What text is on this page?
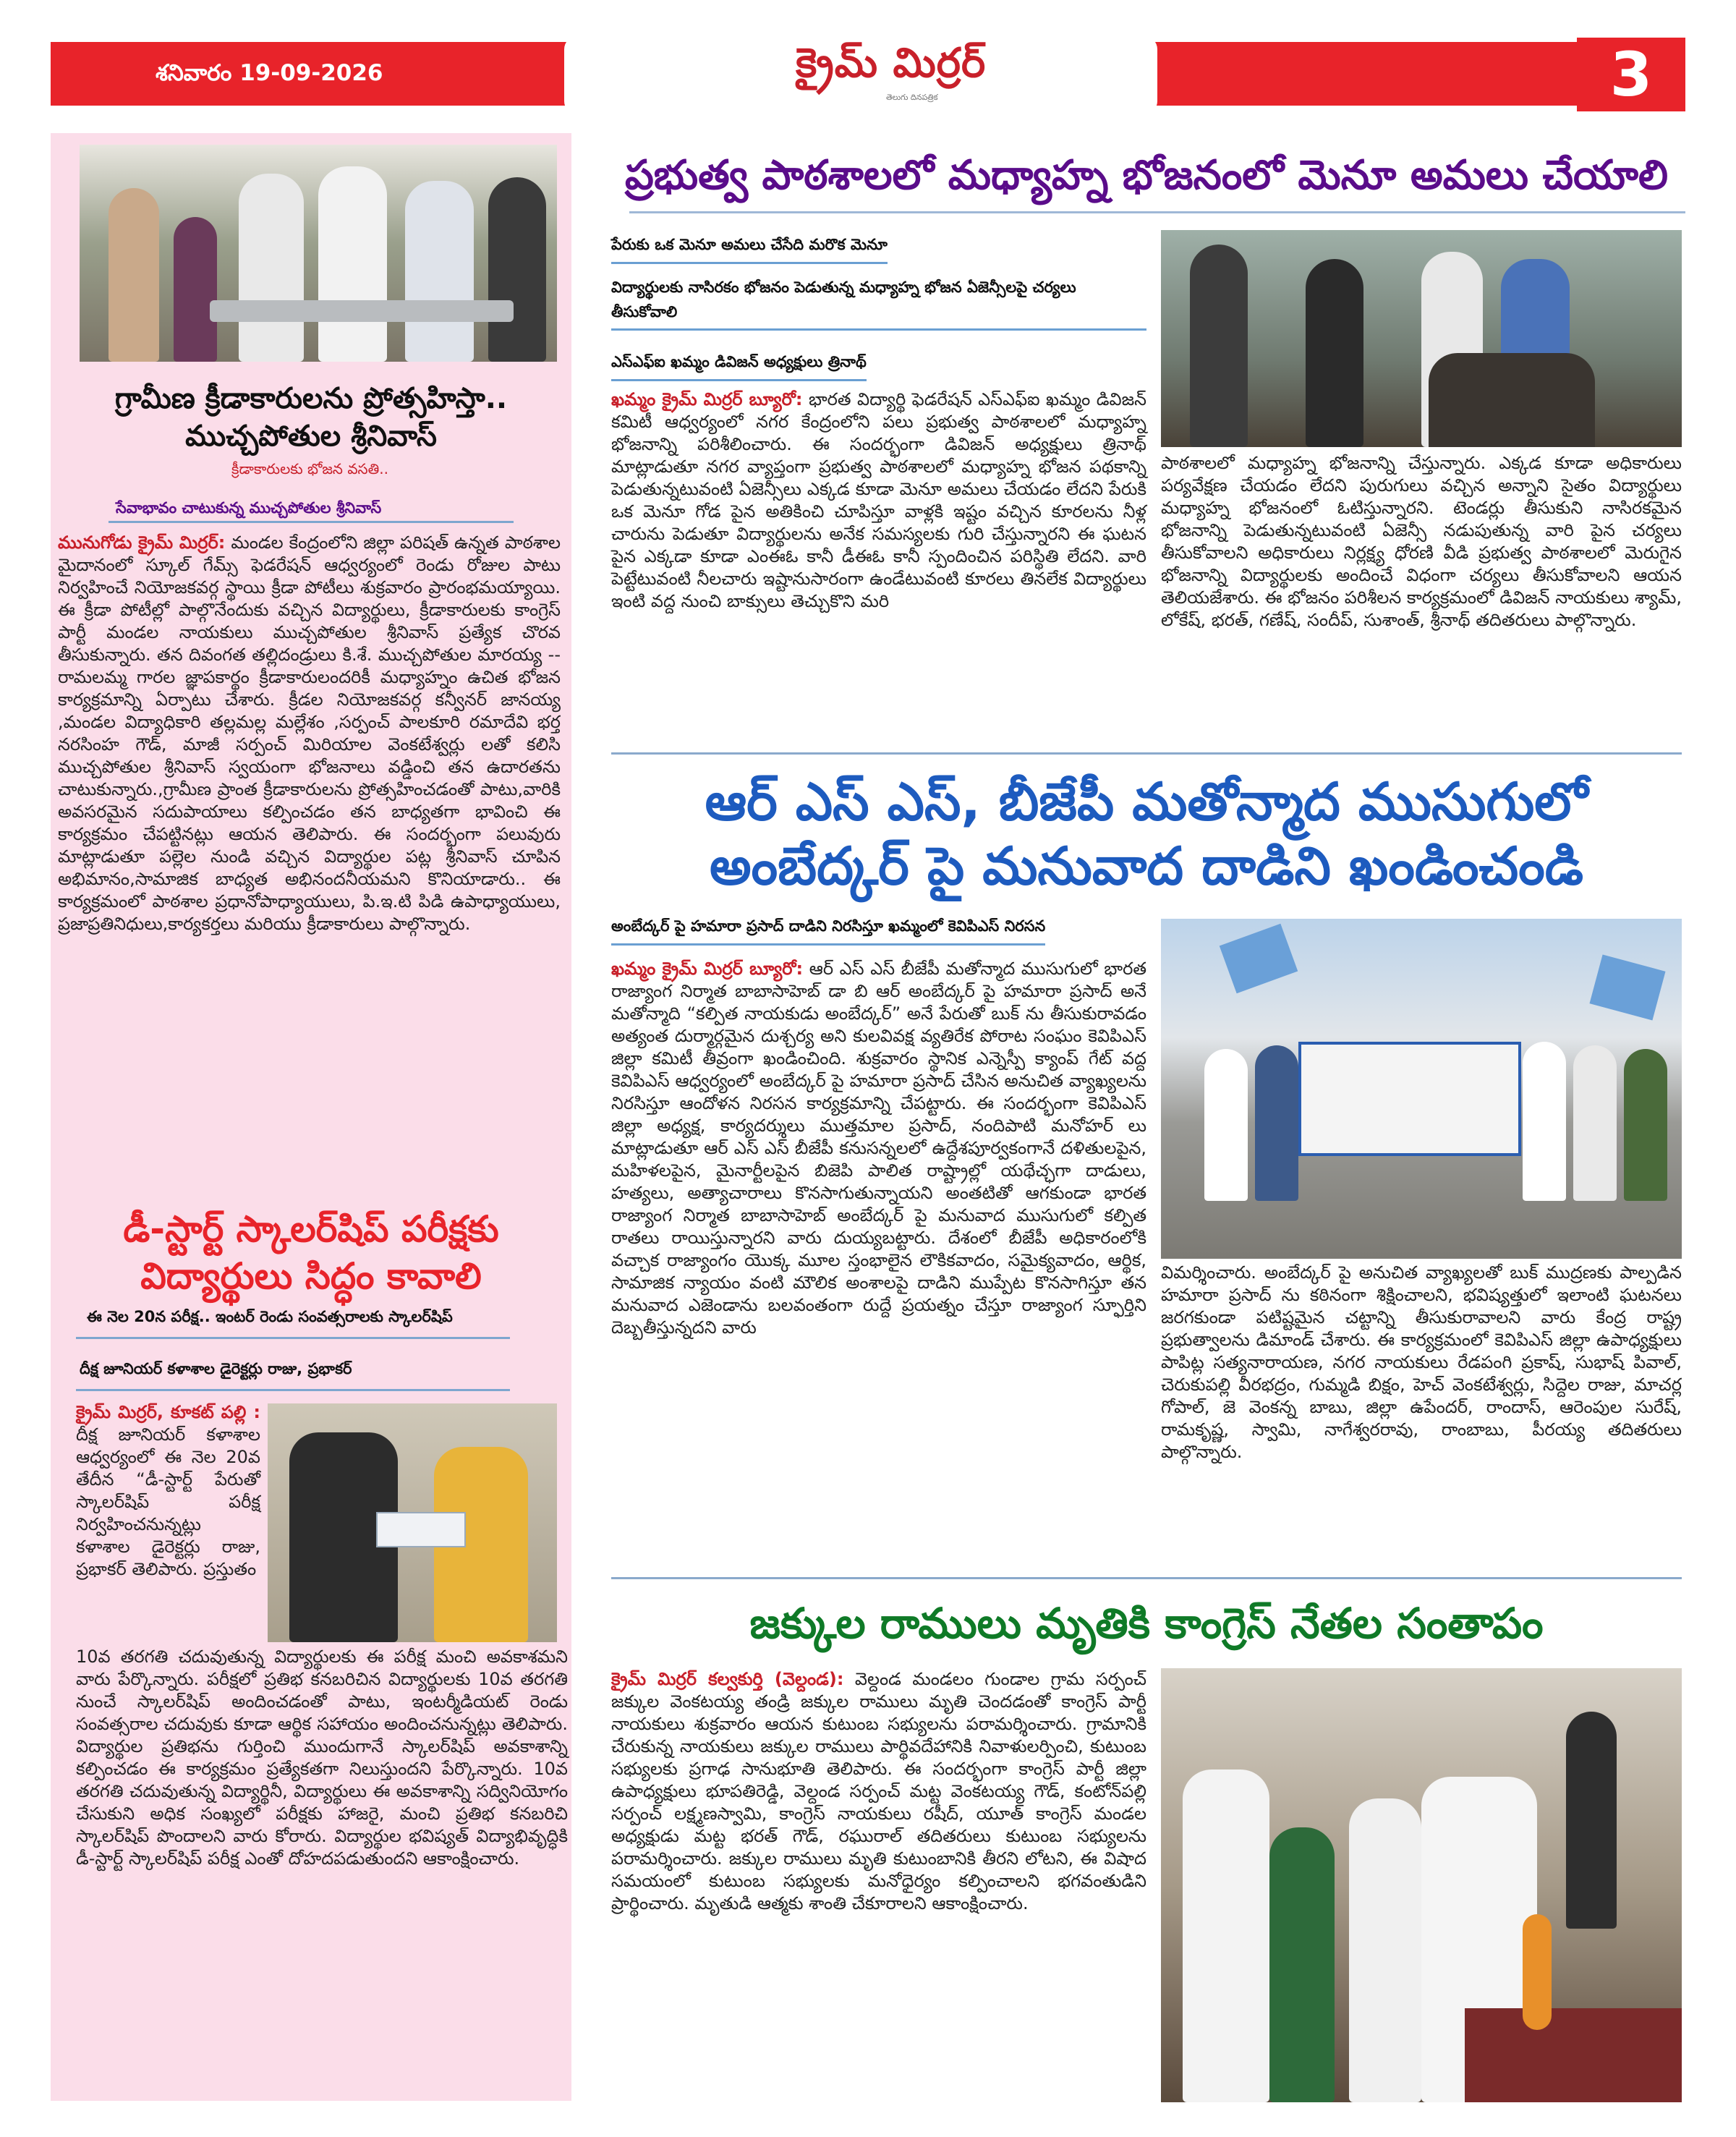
శనివారం 19-09-2026	క్రైమ్ మిర్రర్
తెలుగు దినపత్రిక	3
గ్రామీణ క్రీడాకారులను ప్రోత్సహిస్తా..
ముచ్చపోతుల శ్రీనివాస్
క్రీడాకారులకు భోజన వసతి..
సేవాభావం చాటుకున్న ముచ్చపోతుల శ్రీనివాస్
మునుగోడు క్రైమ్ మిర్రర్: మండల కేంద్రంలోని జిల్లా పరిషత్ ఉన్నత పాఠశాల మైదానంలో స్కూల్ గేమ్స్ ఫెడరేషన్ ఆధ్వర్యంలో రెండు రోజుల పాటు నిర్వహించే నియోజకవర్గ స్థాయి క్రీడా పోటీలు శుక్రవారం ప్రారంభమయ్యాయి. ఈ క్రీడా పోటీల్లో పాల్గొనేందుకు వచ్చిన విద్యార్థులు, క్రీడాకారులకు కాంగ్రెస్ పార్టీ మండల నాయకులు ముచ్చపోతుల శ్రీనివాస్ ప్రత్యేక చొరవ తీసుకున్నారు. తన దివంగత తల్లిదండ్రులు కి.శే. ముచ్చపోతుల మారయ్య -- రామలమ్మ గారల జ్ఞాపకార్థం క్రీడాకారులందరికీ మధ్యాహ్నం ఉచిత భోజన కార్యక్రమాన్ని ఏర్పాటు చేశారు. క్రీడల నియోజకవర్గ కన్వీనర్ జానయ్య ,మండల విద్యాధికారి తల్లమల్ల మల్లేశం ,సర్పంచ్ పాలకూరి రమాదేవి భర్త నరసింహ గౌడ్, మాజీ సర్పంచ్ మిరియాల వెంకటేశ్వర్లు లతో కలిసి ముచ్చపోతుల శ్రీనివాస్ స్వయంగా భోజనాలు వడ్డించి తన ఉదారతను చాటుకున్నారు.,గ్రామీణ ప్రాంత క్రీడాకారులను ప్రోత్సహించడంతో పాటు,వారికి అవసరమైన సదుపాయాలు కల్పించడం తన బాధ్యతగా భావించి ఈ కార్యక్రమం చేపట్టినట్లు ఆయన తెలిపారు. ఈ సందర్భంగా పలువురు మాట్లాడుతూ పల్లెల నుండి వచ్చిన విద్యార్థుల పట్ల శ్రీనివాస్ చూపిన అభిమానం,సామాజిక బాధ్యత అభినందనీయమని కొనియాడారు.. ఈ కార్యక్రమంలో పాఠశాల ప్రధానోపాధ్యాయులు, పి.ఇ.టి పిడి ఉపాధ్యాయులు, ప్రజాప్రతినిధులు,కార్యకర్తలు మరియు క్రీడాకారులు పాల్గొన్నారు.
డీ-స్టార్ట్ స్కాలర్‌షిప్ పరీక్షకు
విద్యార్థులు సిద్ధం కావాలి
ఈ నెల 20న పరీక్ష.. ఇంటర్ రెండు సంవత్సరాలకు స్కాలర్‌షిప్
దీక్ష జూనియర్ కళాశాల డైరెక్టర్లు రాజు, ప్రభాకర్
క్రైమ్ మిర్రర్, కూకట్ పల్లి : దీక్ష జూనియర్ కళాశాల ఆధ్వర్యంలో ఈ నెల 20వ తేదీన “డీ-స్టార్ట్ పేరుతో స్కాలర్‌షిప్ పరీక్ష నిర్వహించనున్నట్లు కళాశాల డైరెక్టర్లు రాజు, ప్రభాకర్ తెలిపారు. ప్రస్తుతం
10వ తరగతి చదువుతున్న విద్యార్థులకు ఈ పరీక్ష మంచి అవకాశమని వారు పేర్కొన్నారు. పరీక్షలో ప్రతిభ కనబరిచిన విద్యార్థులకు 10వ తరగతి నుంచే స్కాలర్‌షిప్ అందించడంతో పాటు, ఇంటర్మీడియట్ రెండు సంవత్సరాల చదువుకు కూడా ఆర్థిక సహాయం అందించనున్నట్లు తెలిపారు. విద్యార్థుల ప్రతిభను గుర్తించి ముందుగానే స్కాలర్‌షిప్ అవకాశాన్ని కల్పించడం ఈ కార్యక్రమం ప్రత్యేకతగా నిలుస్తుందని పేర్కొన్నారు. 10వ తరగతి చదువుతున్న విద్యార్థినీ, విద్యార్థులు ఈ అవకాశాన్ని సద్వినియోగం చేసుకుని అధిక సంఖ్యలో పరీక్షకు హాజరై, మంచి ప్రతిభ కనబరిచి స్కాలర్‌షిప్ పొందాలని వారు కోరారు. విద్యార్థుల భవిష్యత్ విద్యాభివృద్ధికి డీ-స్టార్ట్ స్కాలర్‌షిప్ పరీక్ష ఎంతో దోహదపడుతుందని ఆకాంక్షించారు.
ప్రభుత్వ పాఠశాలలో మధ్యాహ్న భోజనంలో మెనూ అమలు చేయాలి
పేరుకు ఒక మెనూ అమలు చేసేది మరొక మెనూ
విద్యార్థులకు నాసిరకం భోజనం పెడుతున్న మధ్యాహ్న భోజన ఏజెన్సీలపై చర్యలు తీసుకోవాలి
ఎస్ఎఫ్ఐ ఖమ్మం డివిజన్ అధ్యక్షులు త్రినాథ్
ఖమ్మం క్రైమ్ మిర్రర్ బ్యూరో: భారత విద్యార్థి ఫెడరేషన్ ఎస్ఎఫ్ఐ ఖమ్మం డివిజన్ కమిటీ ఆధ్వర్యంలో నగర కేంద్రంలోని పలు ప్రభుత్వ పాఠశాలలో మధ్యాహ్న భోజనాన్ని పరిశీలించారు. ఈ సందర్భంగా డివిజన్ అధ్యక్షులు త్రినాథ్ మాట్లాడుతూ నగర వ్యాప్తంగా ప్రభుత్వ పాఠశాలలో మధ్యాహ్న భోజన పథకాన్ని పెడుతున్నటువంటి ఏజెన్సీలు ఎక్కడ కూడా మెనూ అమలు చేయడం లేదని పేరుకి ఒక మెనూ గోడ పైన అతికించి చూపిస్తూ వాళ్లకి ఇష్టం వచ్చిన కూరలను నీళ్ల చారును పెడుతూ విద్యార్థులను అనేక సమస్యలకు గురి చేస్తున్నారని ఈ ఘటన పైన ఎక్కడా కూడా ఎంఈఓ కానీ డీఈఓ కానీ స్పందించిన పరిస్థితి లేదని. వారి పెట్టేటువంటి నీలచారు ఇష్టానుసారంగా ఉండేటువంటి కూరలు తినలేక విద్యార్థులు ఇంటి వద్ద నుంచి బాక్సులు తెచ్చుకొని మరి
పాఠశాలలో మధ్యాహ్న భోజనాన్ని చేస్తున్నారు. ఎక్కడ కూడా అధికారులు పర్యవేక్షణ చేయడం లేదని పురుగులు వచ్చిన అన్నాని సైతం విద్యార్థులు మధ్యాహ్న భోజనంలో ఓటిస్తున్నారని. టెండర్లు తీసుకుని నాసిరకమైన భోజనాన్ని పెడుతున్నటువంటి ఏజెన్సీ నడుపుతున్న వారి పైన చర్యలు తీసుకోవాలని అధికారులు నిర్లక్ష్య ధోరణి వీడి ప్రభుత్వ పాఠశాలలో మెరుగైన భోజనాన్ని విద్యార్థులకు అందించే విధంగా చర్యలు తీసుకోవాలని ఆయన తెలియజేశారు. ఈ భోజనం పరిశీలన కార్యక్రమంలో డివిజన్ నాయకులు శ్యామ్, లోకేష్, భరత్, గణేష్, సందీప్, సుశాంత్, శ్రీనాథ్ తదితరులు పాల్గొన్నారు.
ఆర్ ఎస్ ఎస్, బీజేపీ మతోన్మాద ముసుగులో
అంబేద్కర్ పై మనువాద దాడిని ఖండించండి
అంబేద్కర్ పై హమారా ప్రసాద్ దాడిని నిరసిస్తూ ఖమ్మంలో కెవిపిఎస్ నిరసన
ఖమ్మం క్రైమ్ మిర్రర్ బ్యూరో: ఆర్ ఎస్ ఎస్ బీజేపీ మతోన్మాద ముసుగులో భారత రాజ్యాంగ నిర్మాత బాబాసాహెబ్ డా బి ఆర్ అంబేద్కర్ పై హమారా ప్రసాద్ అనే మతోన్మాది “కల్పిత నాయకుడు అంబేద్కర్” అనే పేరుతో బుక్ ను తీసుకురావడం అత్యంత దుర్మార్గమైన దుశ్చర్య అని కులవివక్ష వ్యతిరేక పోరాట సంఘం కెవిపిఎస్ జిల్లా కమిటీ తీవ్రంగా ఖండించింది. శుక్రవారం స్థానిక ఎన్నెస్పీ క్యాంప్ గేట్ వద్ద కెవిపిఎస్ ఆధ్వర్యంలో అంబేద్కర్ పై హమారా ప్రసాద్ చేసిన అనుచిత వ్యాఖ్యలను నిరసిస్తూ ఆందోళన నిరసన కార్యక్రమాన్ని చేపట్టారు. ఈ సందర్భంగా కెవిపిఎస్ జిల్లా అధ్యక్ష, కార్యదర్శులు ముత్తమాల ప్రసాద్, నందిపాటి మనోహర్ లు మాట్లాడుతూ ఆర్ ఎస్ ఎస్ బీజేపీ కనుసన్నలలో ఉద్దేశపూర్వకంగానే దళితులపైన, మహిళలపైన, మైనార్టీలపైన బిజెపి పాలిత రాష్ట్రాల్లో యథేచ్ఛగా దాడులు, హత్యలు, అత్యాచారాలు కొనసాగుతున్నాయని అంతటితో ఆగకుండా భారత రాజ్యాంగ నిర్మాత బాబాసాహెబ్ అంబేద్కర్ పై మనువాద ముసుగులో కల్పిత రాతలు రాయిస్తున్నారని వారు దుయ్యబట్టారు. దేశంలో బీజేపీ అధికారంలోకి వచ్చాక రాజ్యాంగం యొక్క మూల స్తంభాలైన లౌకికవాదం, సమైక్యవాదం, ఆర్థిక, సామాజిక న్యాయం వంటి మౌలిక అంశాలపై దాడిని ముప్పేట కొనసాగిస్తూ తన మనువాద ఎజెండాను బలవంతంగా రుద్దే ప్రయత్నం చేస్తూ రాజ్యాంగ స్ఫూర్తిని దెబ్బతీస్తున్నదని వారు
విమర్శించారు. అంబేద్కర్ పై అనుచిత వ్యాఖ్యలతో బుక్ ముద్రణకు పాల్పడిన హమారా ప్రసాద్ ను కఠినంగా శిక్షించాలని, భవిష్యత్తులో ఇలాంటి ఘటనలు జరగకుండా పటిష్టమైన చట్టాన్ని తీసుకురావాలని వారు కేంద్ర రాష్ట్ర ప్రభుత్వాలను డిమాండ్ చేశారు. ఈ కార్యక్రమంలో కెవిపిఎస్ జిల్లా ఉపాధ్యక్షులు పాపిట్ల సత్యనారాయణ, నగర నాయకులు రేడపంగి ప్రకాష్, సుభాష్ పివాల్, చెరుకుపల్లి వీరభద్రం, గుమ్మడి బిక్షం, హెచ్ వెంకటేశ్వర్లు, సిద్దెల రాజు, మాచర్ల గోపాల్, జె వెంకన్న బాబు, జిల్లా ఉపేందర్, రాందాస్, ఆరెంపుల సురేష్, రామకృష్ణ, స్వామి, నాగేశ్వరరావు, రాంబాబు, పీరయ్య తదితరులు పాల్గొన్నారు.
జక్కుల రాములు మృతికి కాంగ్రెస్ నేతల సంతాపం
క్రైమ్ మిర్రర్ కల్వకుర్తి (వెల్దండ): వెల్దండ మండలం గుండాల గ్రామ సర్పంచ్ జక్కుల వెంకటయ్య తండ్రి జక్కుల రాములు మృతి చెందడంతో కాంగ్రెస్ పార్టీ నాయకులు శుక్రవారం ఆయన కుటుంబ సభ్యులను పరామర్శించారు. గ్రామానికి చేరుకున్న నాయకులు జక్కుల రాములు పార్థివదేహానికి నివాళులర్పించి, కుటుంబ సభ్యులకు ప్రగాఢ సానుభూతి తెలిపారు. ఈ సందర్భంగా కాంగ్రెస్ పార్టీ జిల్లా ఉపాధ్యక్షులు భూపతిరెడ్డి, వెల్దండ సర్పంచ్ మట్ట వెంకటయ్య గౌడ్, కంటోన్‌పల్లి సర్పంచ్ లక్ష్మణస్వామి, కాంగ్రెస్ నాయకులు రషీద్, యూత్ కాంగ్రెస్ మండల అధ్యక్షుడు మట్ట భరత్ గౌడ్, రఘురాల్ తదితరులు కుటుంబ సభ్యులను పరామర్శించారు. జక్కుల రాములు మృతి కుటుంబానికి తీరని లోటని, ఈ విషాద సమయంలో కుటుంబ సభ్యులకు మనోధైర్యం కల్పించాలని భగవంతుడిని ప్రార్థించారు. మృతుడి ఆత్మకు శాంతి చేకూరాలని ఆకాంక్షించారు.
